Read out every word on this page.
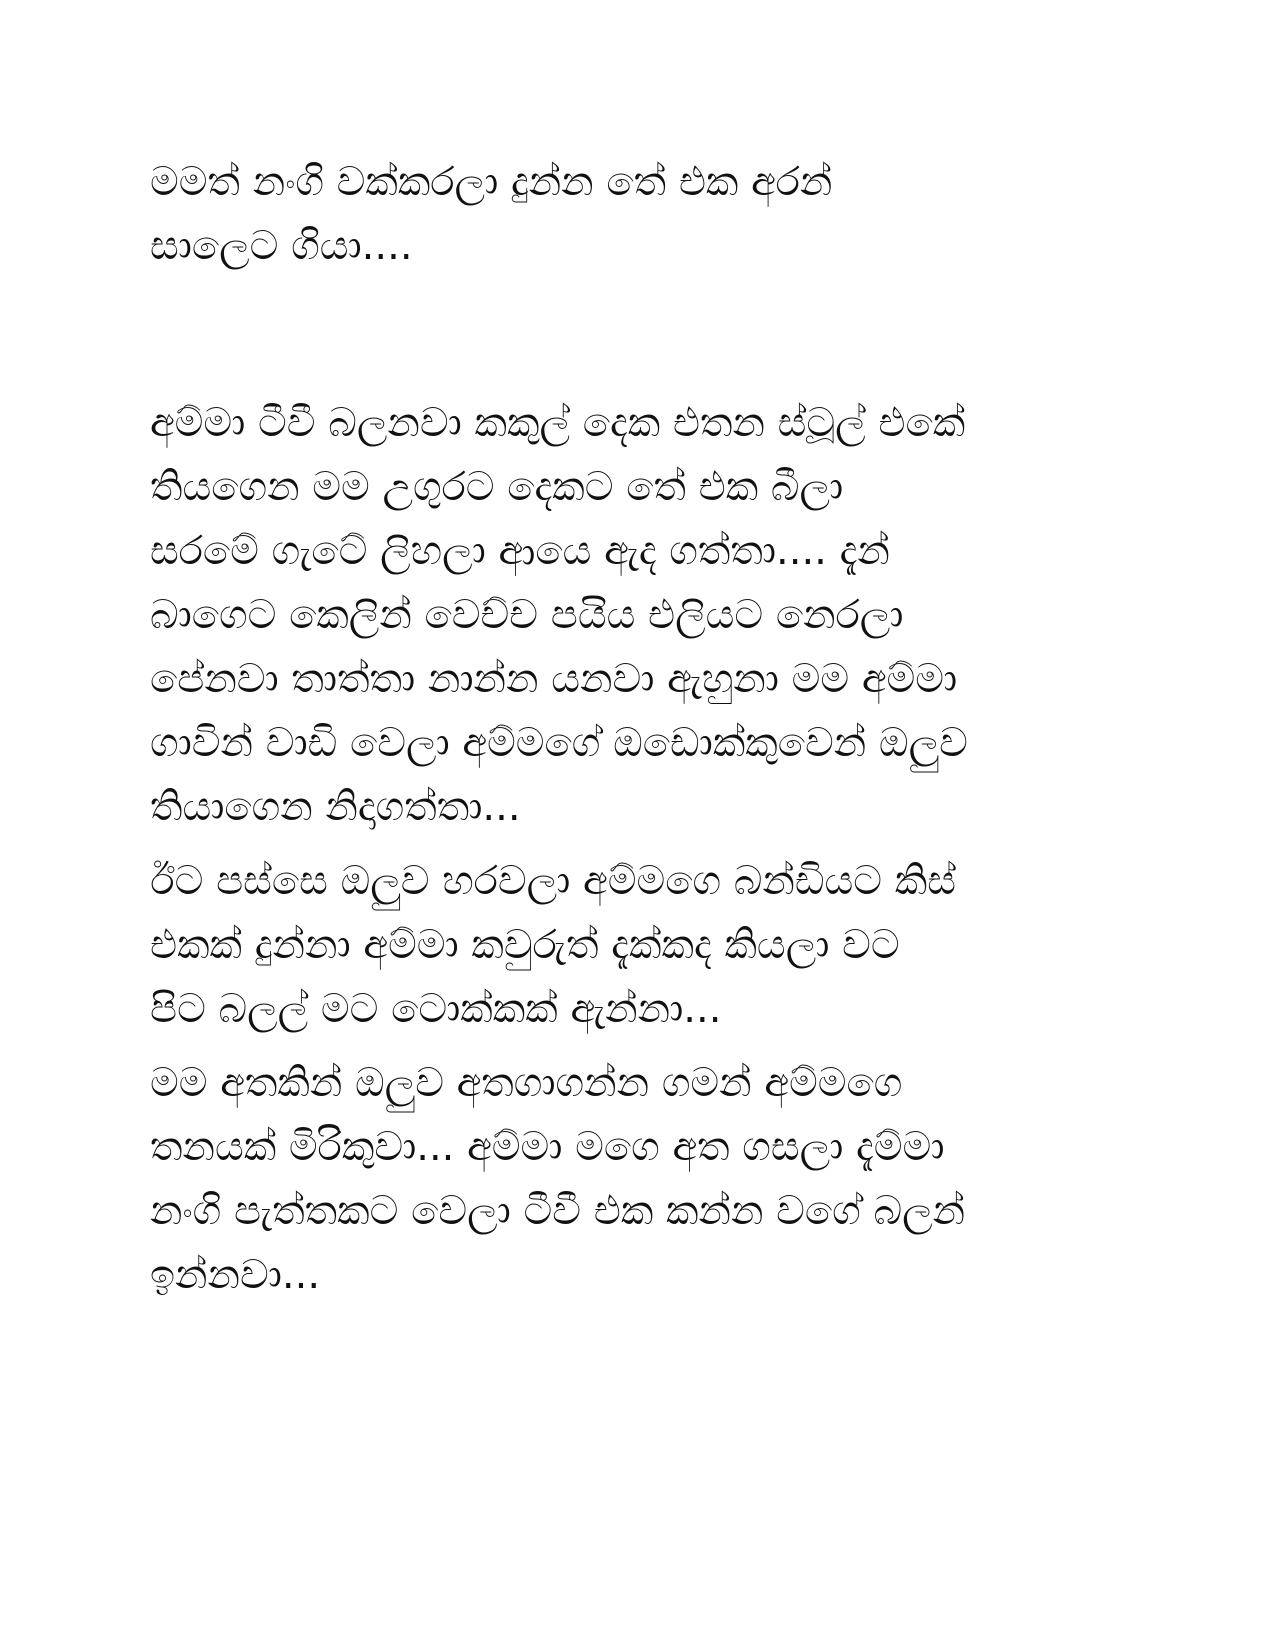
මමත් නංගි වක්කරලා දුන්න තේ එක අරන්
සාලෙට ගියා....

අම්මා ටීවී බලනවා කකුල් දෙක එතන ස්ටූල් එකේ
තියගෙන මම උගුරට දෙකට තේ එක බීලා
සරමේ ගැටේ ලිහලා ආයෙ ඇද ගත්තා.... දැන්
බාගෙට කෙලින් වෙච්ච පයිය එලියට නෙරලා
පේනවා තාත්තා නාන්න යනවා ඇහුනා මම අම්මා
ගාවින් වාඩි වෙලා අම්මගේ ඔඩොක්කුවෙන් ඔලුව
තියාගෙන නිදාගත්තා...

ඊට පස්සෙ ඔලුව හරවලා අම්මගෙ බන්ඩියට කිස්
එකක් දුන්නා අම්මා කවුරුත් දැක්කද කියලා වට
පිට බලල් මට ටොක්කක් ඇන්නා...

මම අතකින් ඔලුව අතගාගන්න ගමන් අම්මගෙ
තනයක් මිරිකුවා... අම්මා මගෙ අත ගසලා දැම්මා
නංගි පැත්තකට වෙලා ටීවී එක කන්න වගේ බලන්
ඉන්නවා...
